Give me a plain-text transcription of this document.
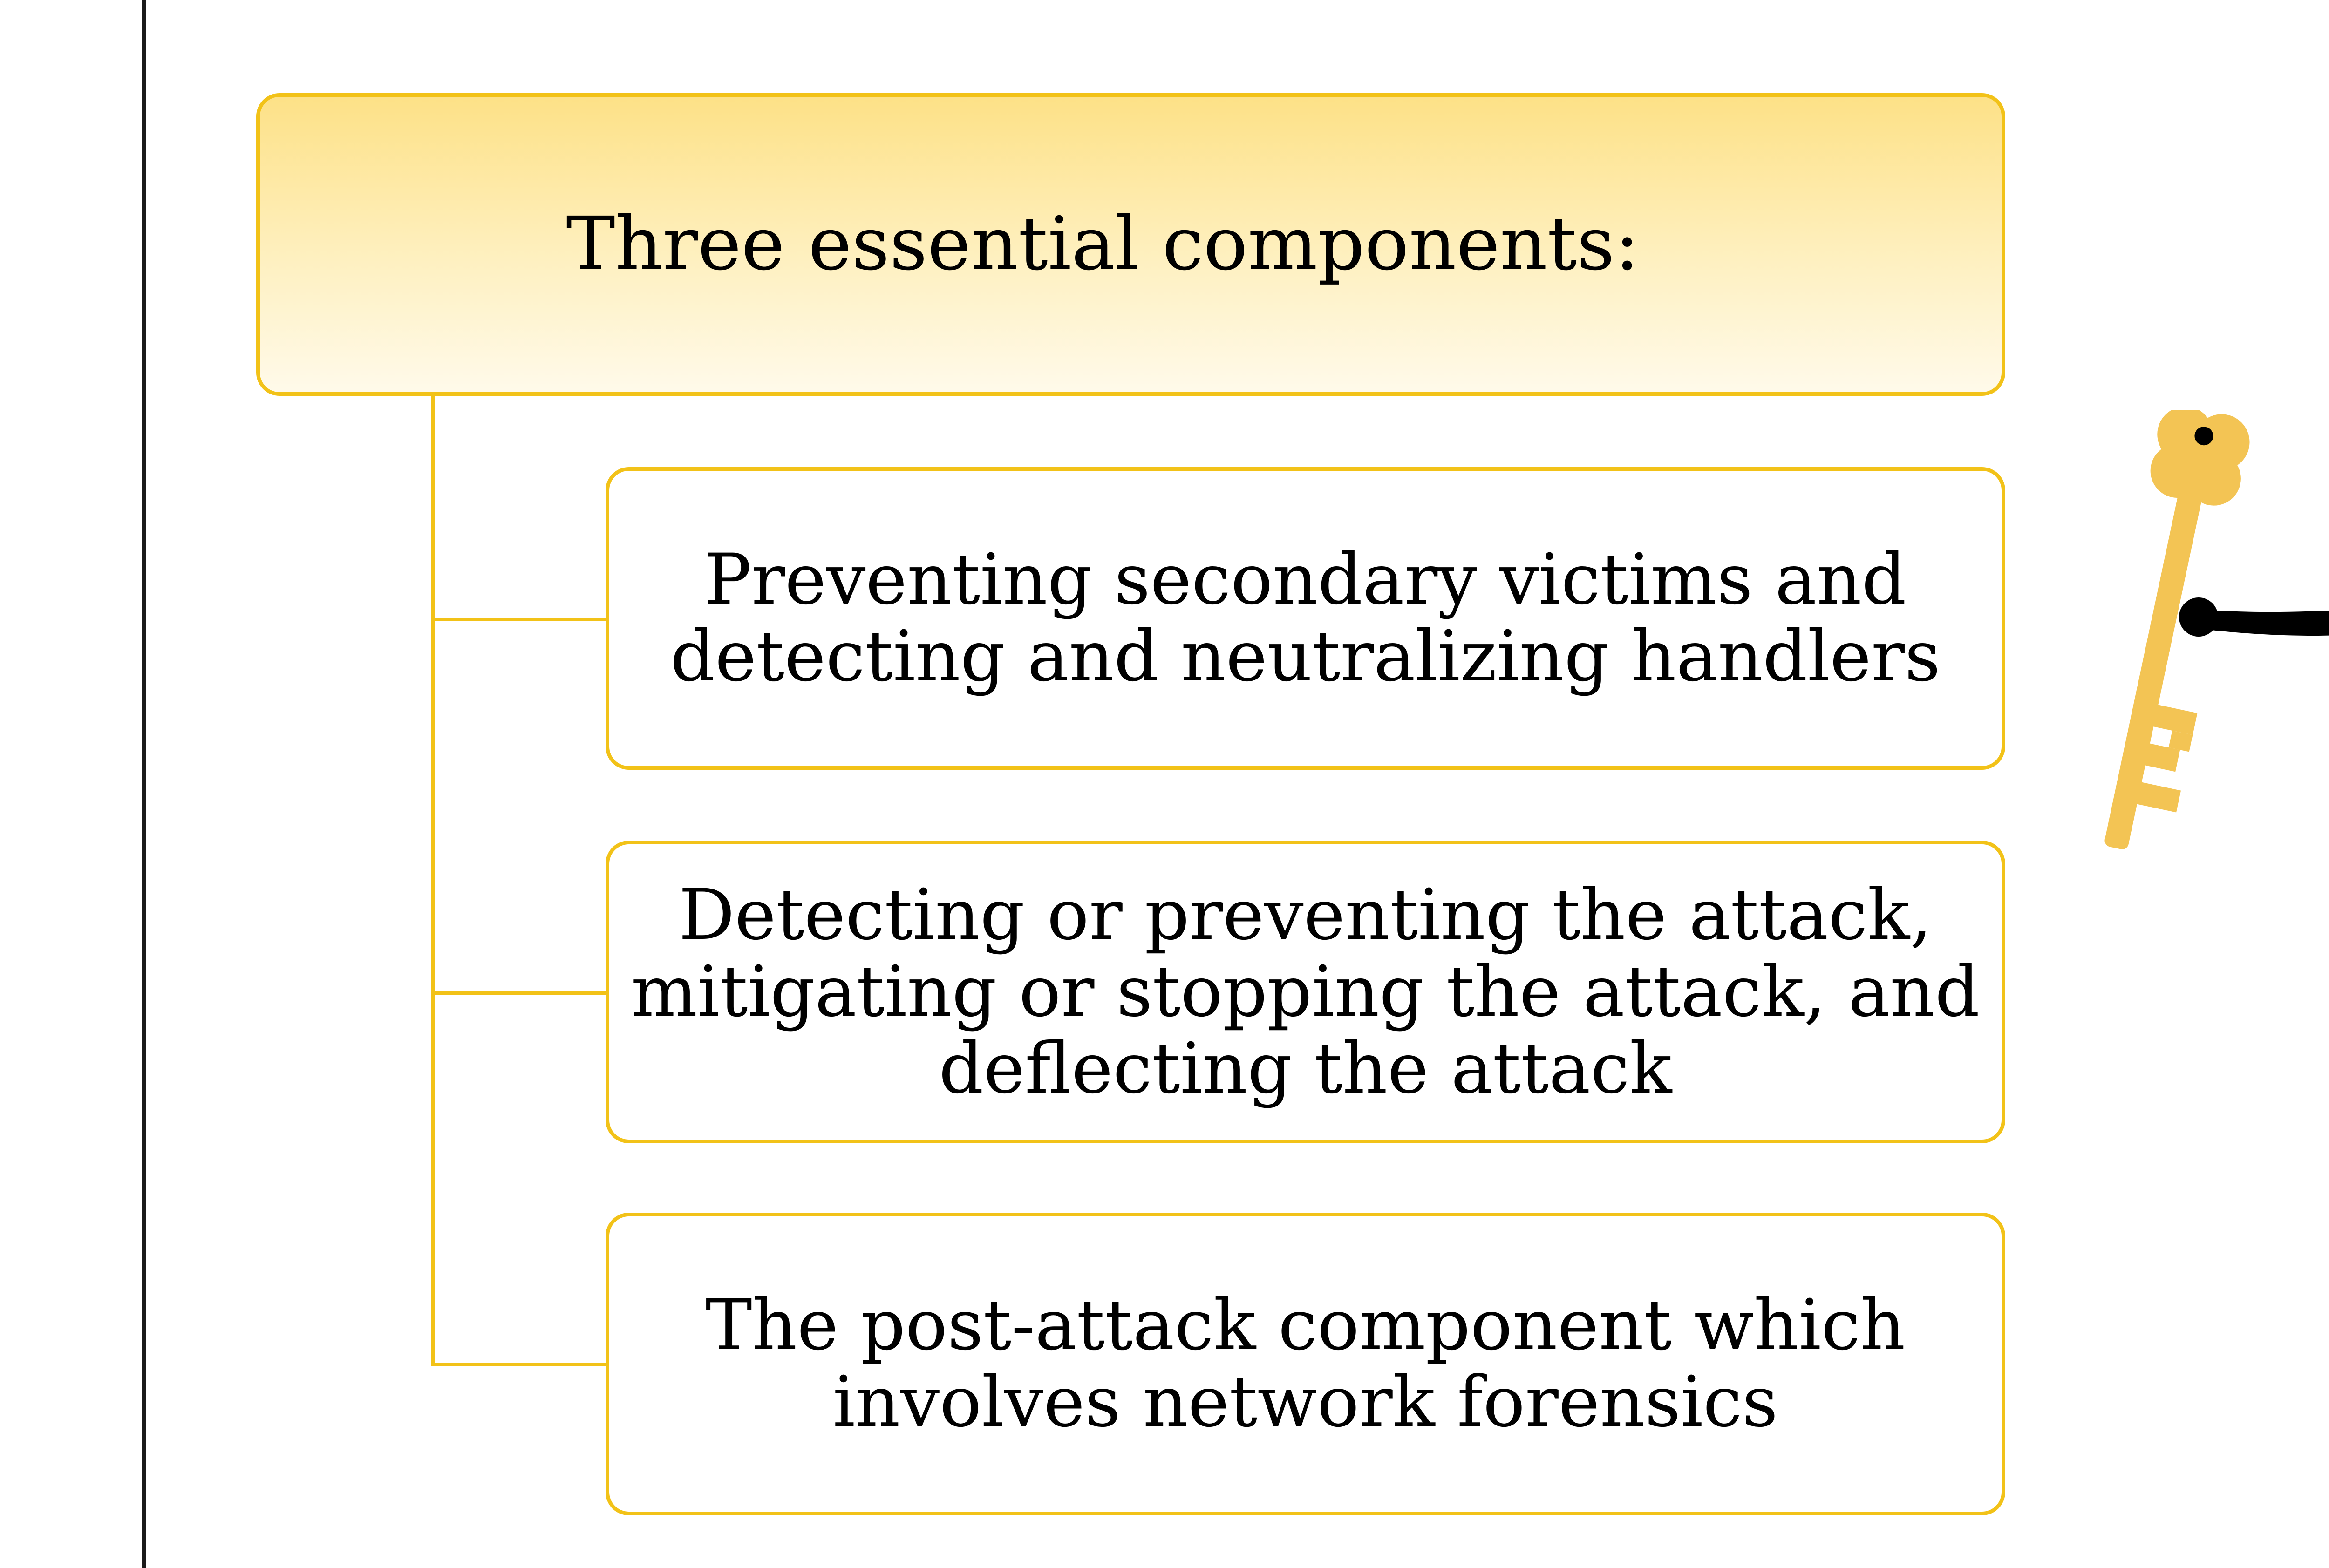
Three essential components:
Preventing secondary victims and detecting and neutralizing handlers
Detecting or preventing the attack, mitigating or stopping the attack, and deflecting the attack
The post-attack component which involves network forensics
